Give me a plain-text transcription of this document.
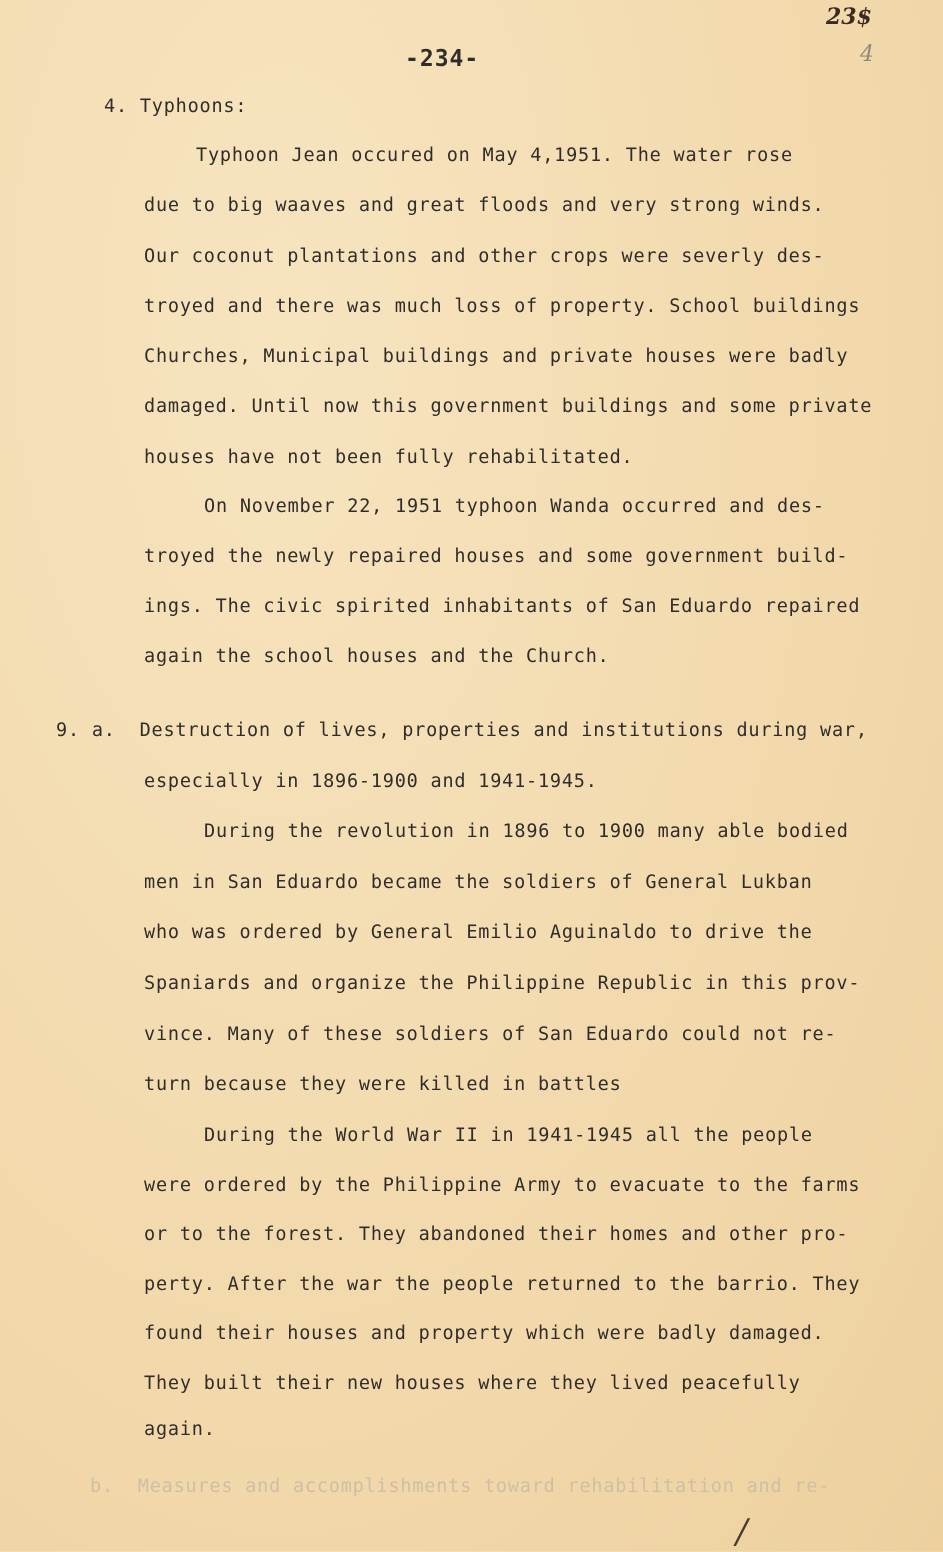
23$
4
-234-
4. Typhoons:
Typhoon Jean occured on May 4,1951. The water rose
due to big waaves and great floods and very strong winds.
Our coconut plantations and other crops were severly des-
troyed and there was much loss of property. School buildings
Churches, Municipal buildings and private houses were badly
damaged. Until now this government buildings and some private
houses have not been fully rehabilitated.
On November 22, 1951 typhoon Wanda occurred and des-
troyed the newly repaired houses and some government build-
ings. The civic spirited inhabitants of San Eduardo repaired
again the school houses and the Church.
9. a.  Destruction of lives, properties and institutions during war,
especially in 1896-1900 and 1941-1945.
During the revolution in 1896 to 1900 many able bodied
men in San Eduardo became the soldiers of General Lukban
who was ordered by General Emilio Aguinaldo to drive the
Spaniards and organize the Philippine Republic in this prov-
vince. Many of these soldiers of San Eduardo could not re-
turn because they were killed in battles
During the World War II in 1941-1945 all the people
were ordered by the Philippine Army to evacuate to the farms
or to the forest. They abandoned their homes and other pro-
perty. After the war the people returned to the barrio. They
found their houses and property which were badly damaged.
They built their new houses where they lived peacefully
again.
b.  Measures and accomplishments toward rehabilitation and re-
/
